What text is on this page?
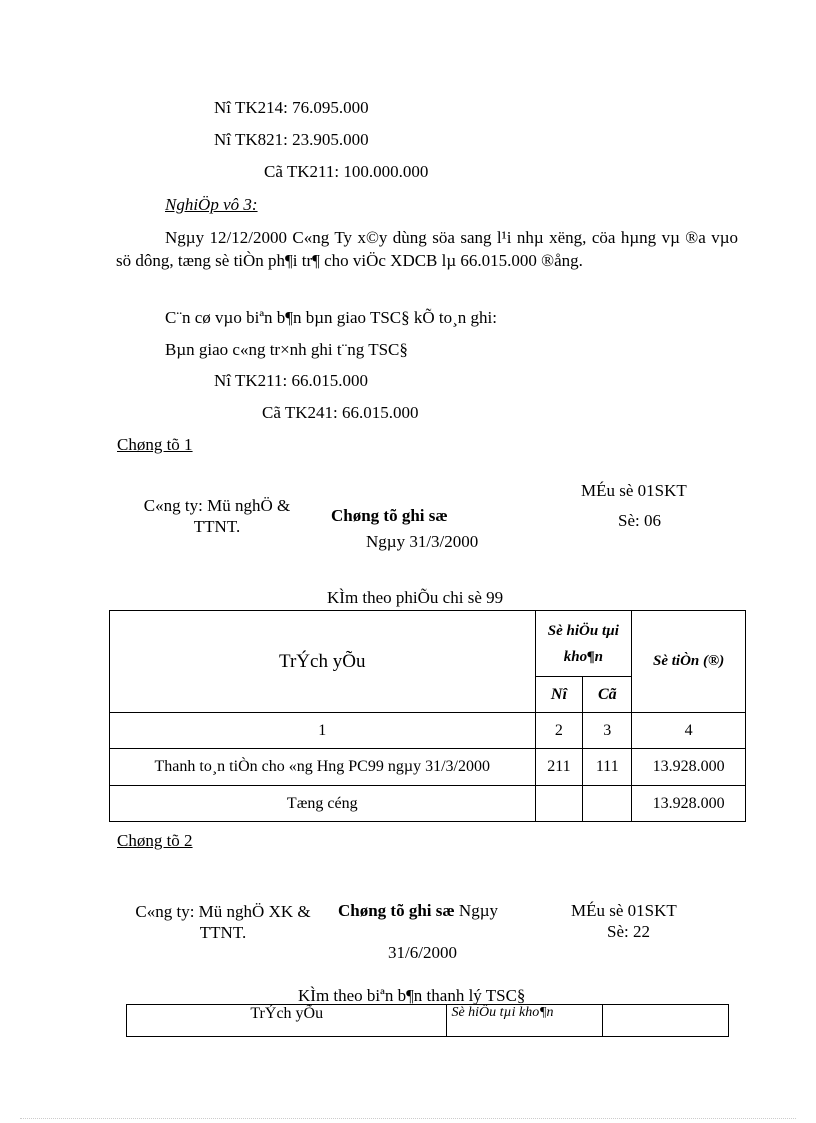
Nî TK214: 76.095.000
Nî TK821: 23.905.000
Cã TK211: 100.000.000
NghiÖp vô 3:
Ngµy 12/12/2000 C«ng Ty x©y dùng söa sang l¹i nhµ xëng, cöa hµng vµ ®a vµo sö dông, tæng sè tiÒn ph¶i tr¶ cho viÖc XDCB lµ 66.015.000 ®ång.
C¨n cø vµo biªn b¶n bµn giao TSC§ kÕ to¸n ghi:
Bµn giao c«ng tr×nh ghi t¨ng TSC§
Nî TK211: 66.015.000
Cã TK241: 66.015.000
Chøng tõ 1
C«ng ty: Mü nghÖ & TTNT.
Chøng tõ ghi sæ
Ngµy 31/3/2000
MÉu sè 01SKT
Sè: 06
KÌm theo phiÕu chi sè 99
TrÝch yÕu	Sè hiÖu tµi kho¶n		Sè tiÒn (®)
	Nî	Cã	
1	2	3	4
Thanh to¸n tiÒn cho «ng Hng PC99 ngµy 31/3/2000	211	111	13.928.000
Tæng céng			13.928.000
Chøng tõ 2
C«ng ty: Mü nghÖ XK & TTNT.
Chøng tõ ghi sæ Ngµy
31/6/2000
MÉu sè 01SKT
Sè: 22
KÌm theo biªn b¶n thanh lý TSC§
TrÝch yÕu	Sè hiÖu tµi kho¶n	
